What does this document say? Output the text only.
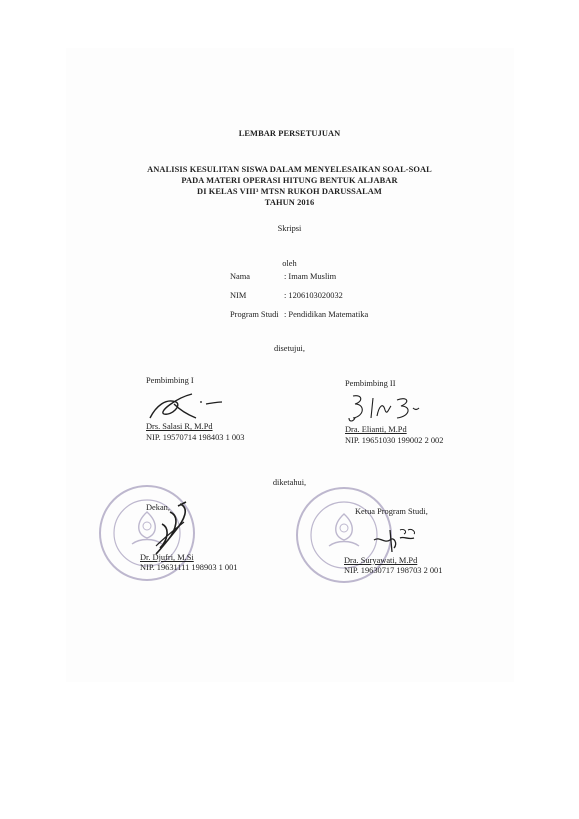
LEMBAR PERSETUJUAN
ANALISIS KESULITAN SISWA DALAM MENYELESAIKAN SOAL-SOAL
PADA MATERI OPERASI HITUNG BENTUK ALJABAR
DI KELAS VIII³ MTSN RUKOH DARUSSALAM
TAHUN 2016
Skripsi
oleh
Nama	: Imam Muslim
NIM	: 1206103020032
Program Studi : Pendidikan Matematika
disetujui,
Pembimbing I	Pembimbing II
Drs. Salasi R, M.Pd
NIP. 19570714 198403 1 003
Dra. Elianti, M.Pd
NIP. 19651030 199002 2 002
diketahui,
Dekan,	Ketua Program Studi,
Dr. Djufri, M.Si
NIP. 19631111 198903 1 001
Dra. Suryawati, M.Pd
NIP. 19630717 198703 2 001
